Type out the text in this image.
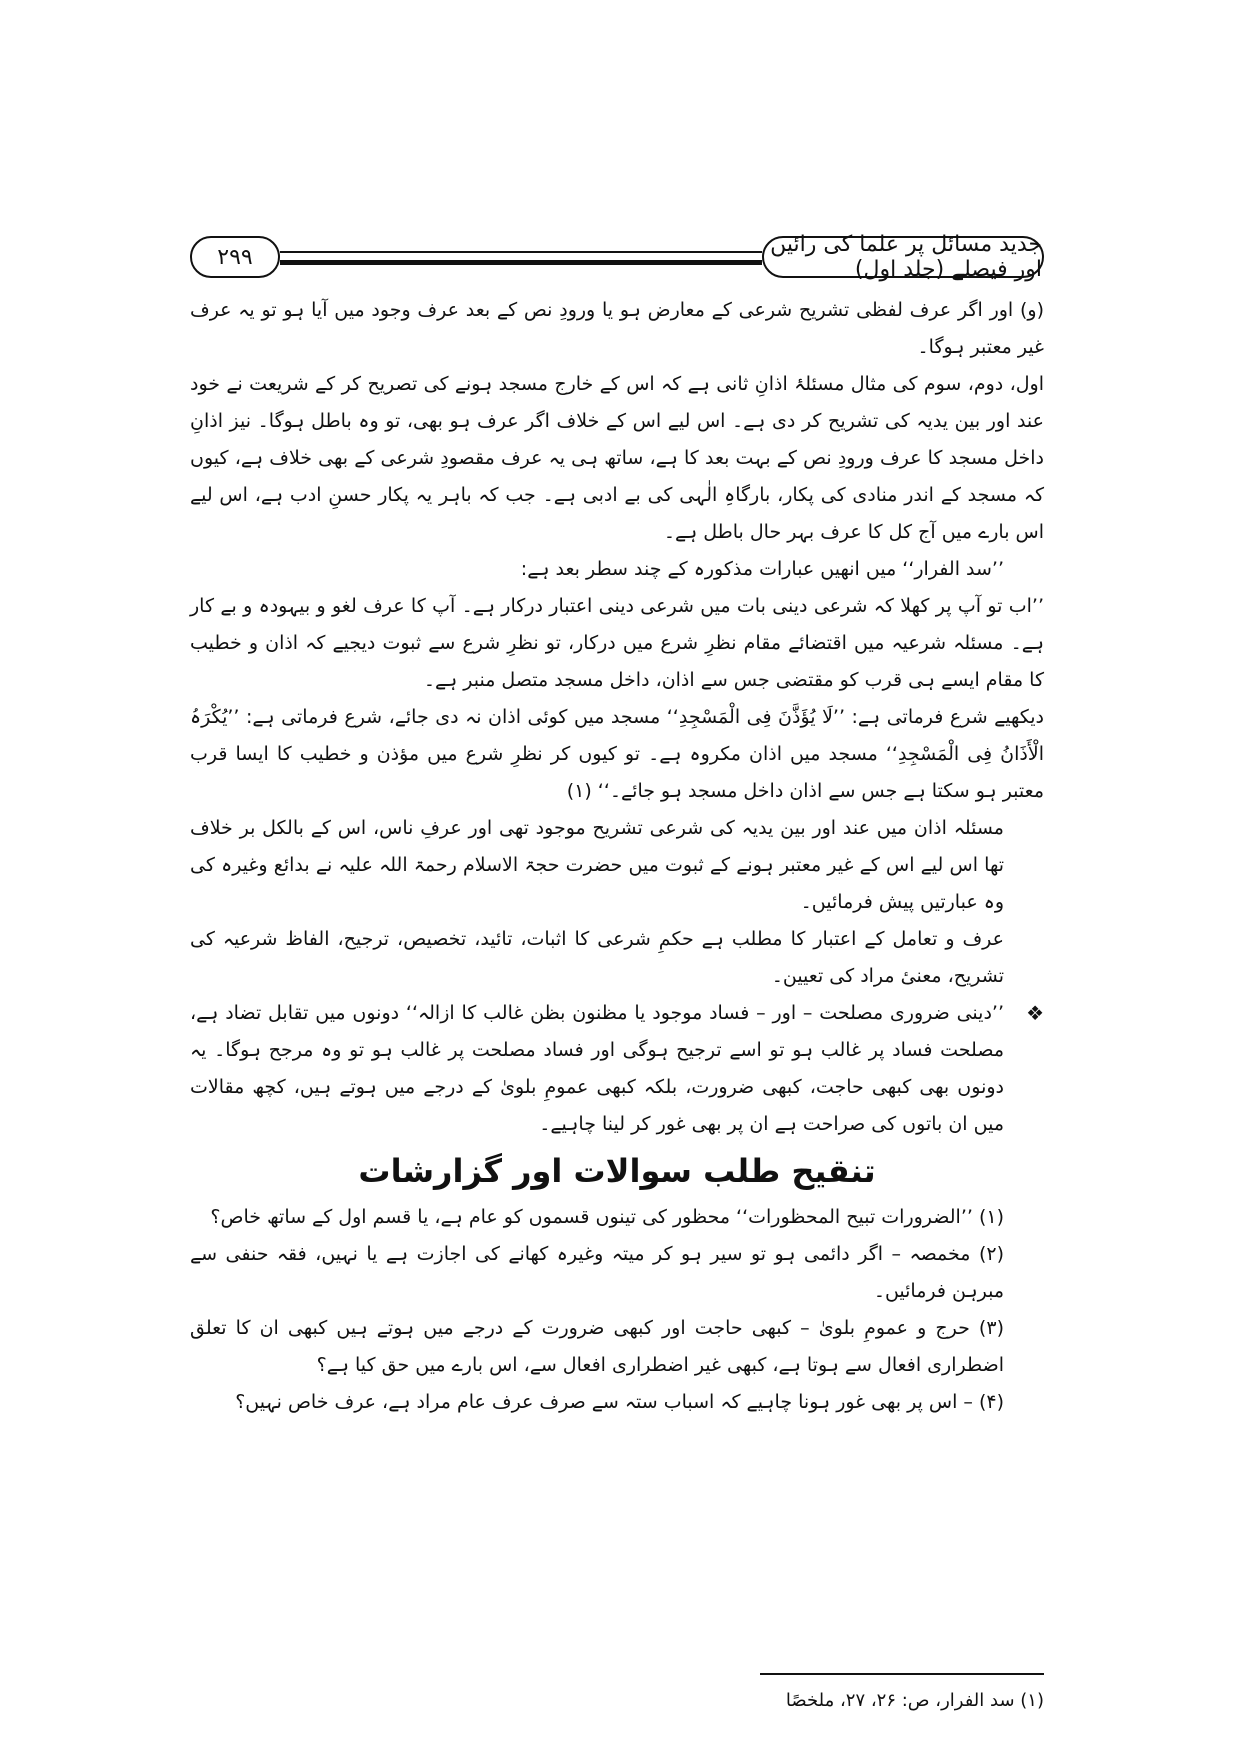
جدید مسائل پر علما کی رائیں اور فیصلے (جلد اول)
۲۹۹

(و) اور اگر عرف لفظی تشریح شرعی کے معارض ہو یا ورودِ نص کے بعد عرف وجود میں آیا ہو تو یہ عرف غیر معتبر ہوگا۔

اول، دوم، سوم کی مثال مسئلۂ اذانِ ثانی ہے کہ اس کے خارج مسجد ہونے کی تصریح کر کے شریعت نے خود عند اور بین یدیہ کی تشریح کر دی ہے۔ اس لیے اس کے خلاف اگر عرف ہو بھی، تو وہ باطل ہوگا۔ نیز اذانِ داخل مسجد کا عرف ورودِ نص کے بہت بعد کا ہے، ساتھ ہی یہ عرف مقصودِ شرعی کے بھی خلاف ہے، کیوں کہ مسجد کے اندر منادی کی پکار، بارگاہِ الٰہی کی بے ادبی ہے۔ جب کہ باہر یہ پکار حسنِ ادب ہے، اس لیے اس بارے میں آج کل کا عرف بہر حال باطل ہے۔

’’سد الفرار‘‘ میں انھیں عبارات مذکورہ کے چند سطر بعد ہے:

’’اب تو آپ پر کھلا کہ شرعی دینی بات میں شرعی دینی اعتبار درکار ہے۔ آپ کا عرف لغو و بیہودہ و بے کار ہے۔ مسئلہ شرعیہ میں اقتضائے مقام نظرِ شرع میں درکار، تو نظرِ شرع سے ثبوت دیجیے کہ اذان و خطیب کا مقام ایسے ہی قرب کو مقتضی جس سے اذان، داخل مسجد متصل منبر ہے۔

دیکھیے شرع فرماتی ہے: ’’لَا یُؤَذَّنَ فِی الْمَسْجِدِ‘‘ مسجد میں کوئی اذان نہ دی جائے، شرع فرماتی ہے: ’’یُکْرَہُ الْأَذَانُ فِی الْمَسْجِدِ‘‘ مسجد میں اذان مکروہ ہے۔ تو کیوں کر نظرِ شرع میں مؤذن و خطیب کا ایسا قرب معتبر ہو سکتا ہے جس سے اذان داخل مسجد ہو جائے۔‘‘ (۱)

مسئلہ اذان میں عند اور بین یدیہ کی شرعی تشریح موجود تھی اور عرفِ ناس، اس کے بالکل بر خلاف تھا اس لیے اس کے غیر معتبر ہونے کے ثبوت میں حضرت حجۃ الاسلام رحمۃ اللہ علیہ نے بدائع وغیرہ کی وہ عبارتیں پیش فرمائیں۔

عرف و تعامل کے اعتبار کا مطلب ہے حکمِ شرعی کا اثبات، تائید، تخصیص، ترجیح، الفاظ شرعیہ کی تشریح، معنیٔ مراد کی تعیین۔

❖
’’دینی ضروری مصلحت – اور – فساد موجود یا مظنون بظن غالب کا ازالہ‘‘ دونوں میں تقابل تضاد ہے، مصلحت فساد پر غالب ہو تو اسے ترجیح ہوگی اور فساد مصلحت پر غالب ہو تو وہ مرجح ہوگا۔ یہ دونوں بھی کبھی حاجت، کبھی ضرورت، بلکہ کبھی عمومِ بلویٰ کے درجے میں ہوتے ہیں، کچھ مقالات میں ان باتوں کی صراحت ہے ان پر بھی غور کر لینا چاہیے۔

تنقیح طلب سوالات اور گزارشات

(۱) ’’الضرورات تبیح المحظورات‘‘ محظور کی تینوں قسموں کو عام ہے، یا قسم اول کے ساتھ خاص؟

(۲) مخمصہ – اگر دائمی ہو تو سیر ہو کر میتہ وغیرہ کھانے کی اجازت ہے یا نہیں، فقہ حنفی سے مبرہن فرمائیں۔

(۳) حرج و عمومِ بلویٰ – کبھی حاجت اور کبھی ضرورت کے درجے میں ہوتے ہیں کبھی ان کا تعلق اضطراری افعال سے ہوتا ہے، کبھی غیر اضطراری افعال سے، اس بارے میں حق کیا ہے؟

(۴) – اس پر بھی غور ہونا چاہیے کہ اسباب ستہ سے صرف عرف عام مراد ہے، عرف خاص نہیں؟

(۱) سد الفرار، ص: ۲۶، ۲۷، ملخصًا
